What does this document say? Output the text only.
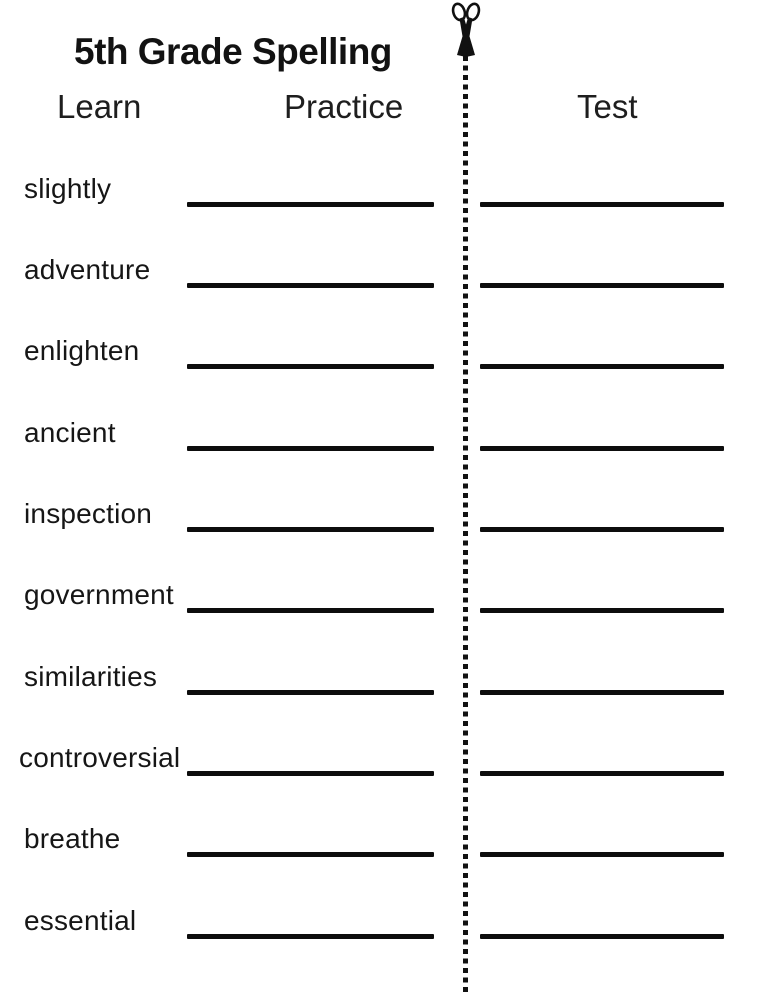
5th Grade Spelling
Learn	Practice	Test
slightly
adventure
enlighten
ancient
inspection
government
similarities
controversial
breathe
essential
